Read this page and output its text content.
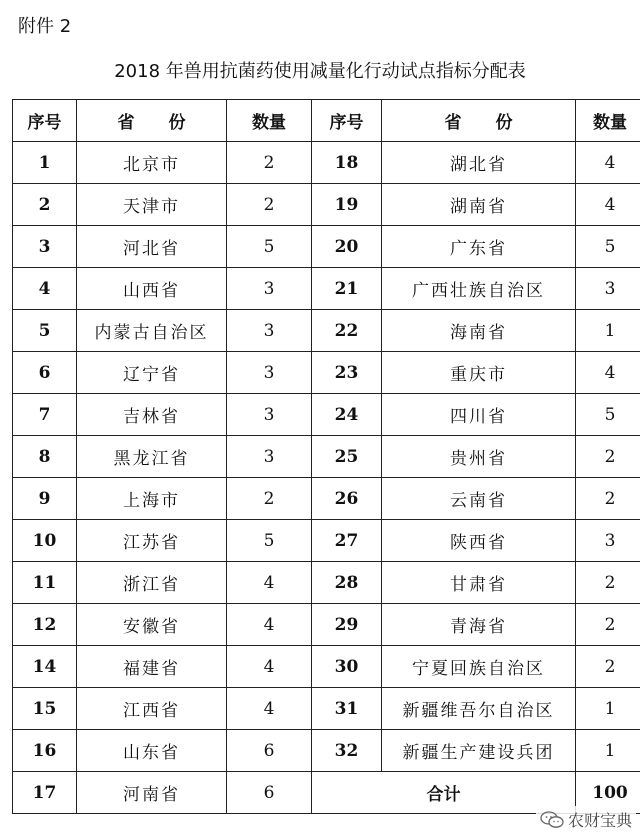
附件 2
2018 年兽用抗菌药使用减量化行动试点指标分配表
序号	省 份	数量	序号	省 份	数量
1	北京市	2	18	湖北省	4
2	天津市	2	19	湖南省	4
3	河北省	5	20	广东省	5
4	山西省	3	21	广西壮族自治区	3
5	内蒙古自治区	3	22	海南省	1
6	辽宁省	3	23	重庆市	4
7	吉林省	3	24	四川省	5
8	黑龙江省	3	25	贵州省	2
9	上海市	2	26	云南省	2
10	江苏省	5	27	陕西省	3
11	浙江省	4	28	甘肃省	2
12	安徽省	4	29	青海省	2
14	福建省	4	30	宁夏回族自治区	2
15	江西省	4	31	新疆维吾尔自治区	1
16	山东省	6	32	新疆生产建设兵团	1
17	河南省	6	合计		100
农财宝典
